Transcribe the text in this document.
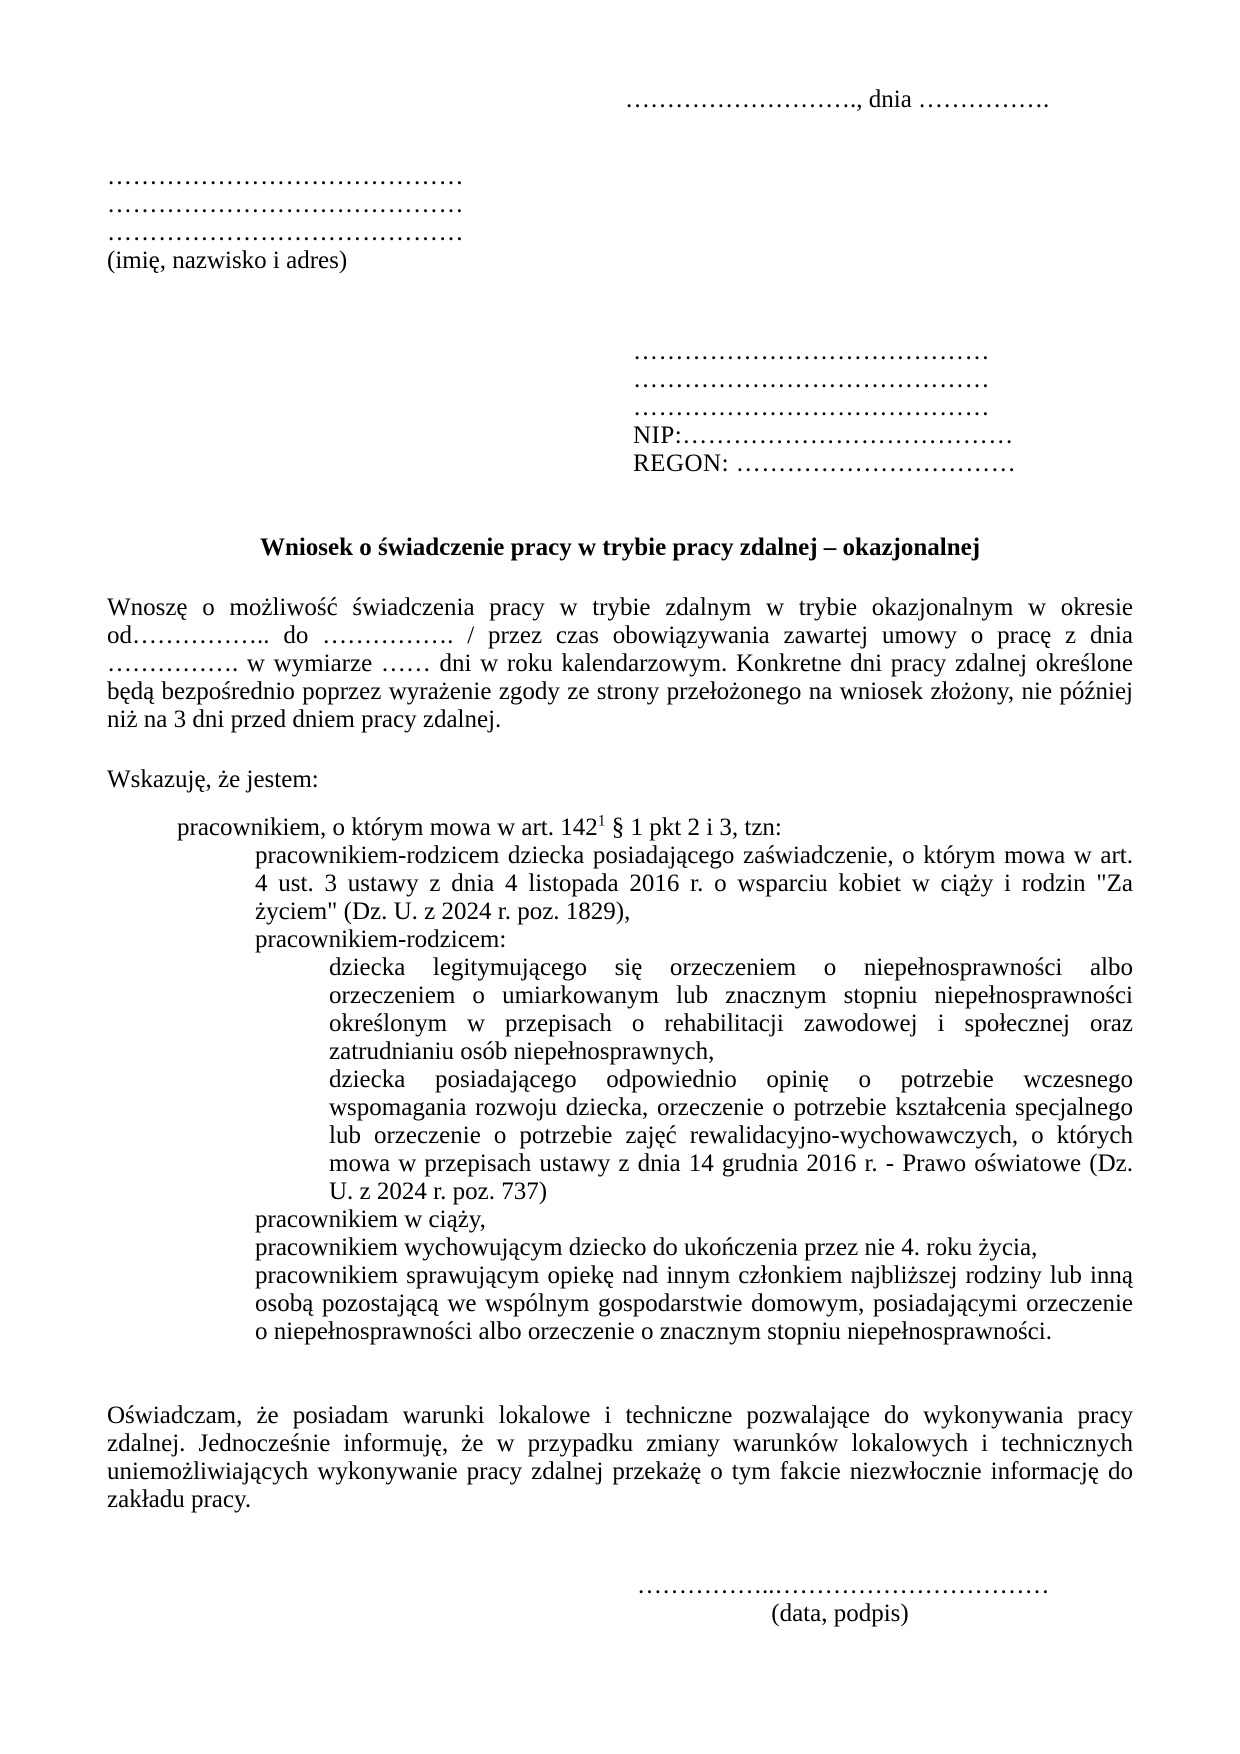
………………………., dnia …………….
……………………………………
……………………………………
……………………………………
(imię, nazwisko i adres)
……………………………………
……………………………………
……………………………………
NIP:…………………………………
REGON: ……………………………
Wniosek o świadczenie pracy w trybie pracy zdalnej – okazjonalnej
Wnoszę o możliwość świadczenia pracy w trybie zdalnym w trybie okazjonalnym w okresie od…………….. do ……………. / przez czas obowiązywania zawartej umowy o pracę z dnia ……………. w wymiarze …… dni w roku kalendarzowym. Konkretne dni pracy zdalnej określone będą bezpośrednio poprzez wyrażenie zgody ze strony przełożonego na wniosek złożony, nie później niż na 3 dni przed dniem pracy zdalnej.
Wskazuję, że jestem:
pracownikiem, o którym mowa w art. $142^1$ § 1 pkt 2 i 3, tzn:
pracownikiem-rodzicem dziecka posiadającego zaświadczenie, o którym mowa w art. 4 ust. 3 ustawy z dnia 4 listopada 2016 r. o wsparciu kobiet w ciąży i rodzin "Za życiem" (Dz. U. z 2024 r. poz. 1829),
pracownikiem-rodzicem:
dziecka legitymującego się orzeczeniem o niepełnosprawności albo orzeczeniem o umiarkowanym lub znacznym stopniu niepełnosprawności określonym w przepisach o rehabilitacji zawodowej i społecznej oraz zatrudnianiu osób niepełnosprawnych,
dziecka posiadającego odpowiednio opinię o potrzebie wczesnego wspomagania rozwoju dziecka, orzeczenie o potrzebie kształcenia specjalnego lub orzeczenie o potrzebie zajęć rewalidacyjno-wychowawczych, o których mowa w przepisach ustawy z dnia 14 grudnia 2016 r. - Prawo oświatowe (Dz. U. z 2024 r. poz. 737)
pracownikiem w ciąży,
pracownikiem wychowującym dziecko do ukończenia przez nie 4. roku życia,
pracownikiem sprawującym opiekę nad innym członkiem najbliższej rodziny lub inną osobą pozostającą we wspólnym gospodarstwie domowym, posiadającymi orzeczenie o niepełnosprawności albo orzeczenie o znacznym stopniu niepełnosprawności.
Oświadczam, że posiadam warunki lokalowe i techniczne pozwalające do wykonywania pracy zdalnej. Jednocześnie informuję, że w przypadku zmiany warunków lokalowych i technicznych uniemożliwiających wykonywanie pracy zdalnej przekażę o tym fakcie niezwłocznie informację do zakładu pracy.
……………..……………………………
(data, podpis)
